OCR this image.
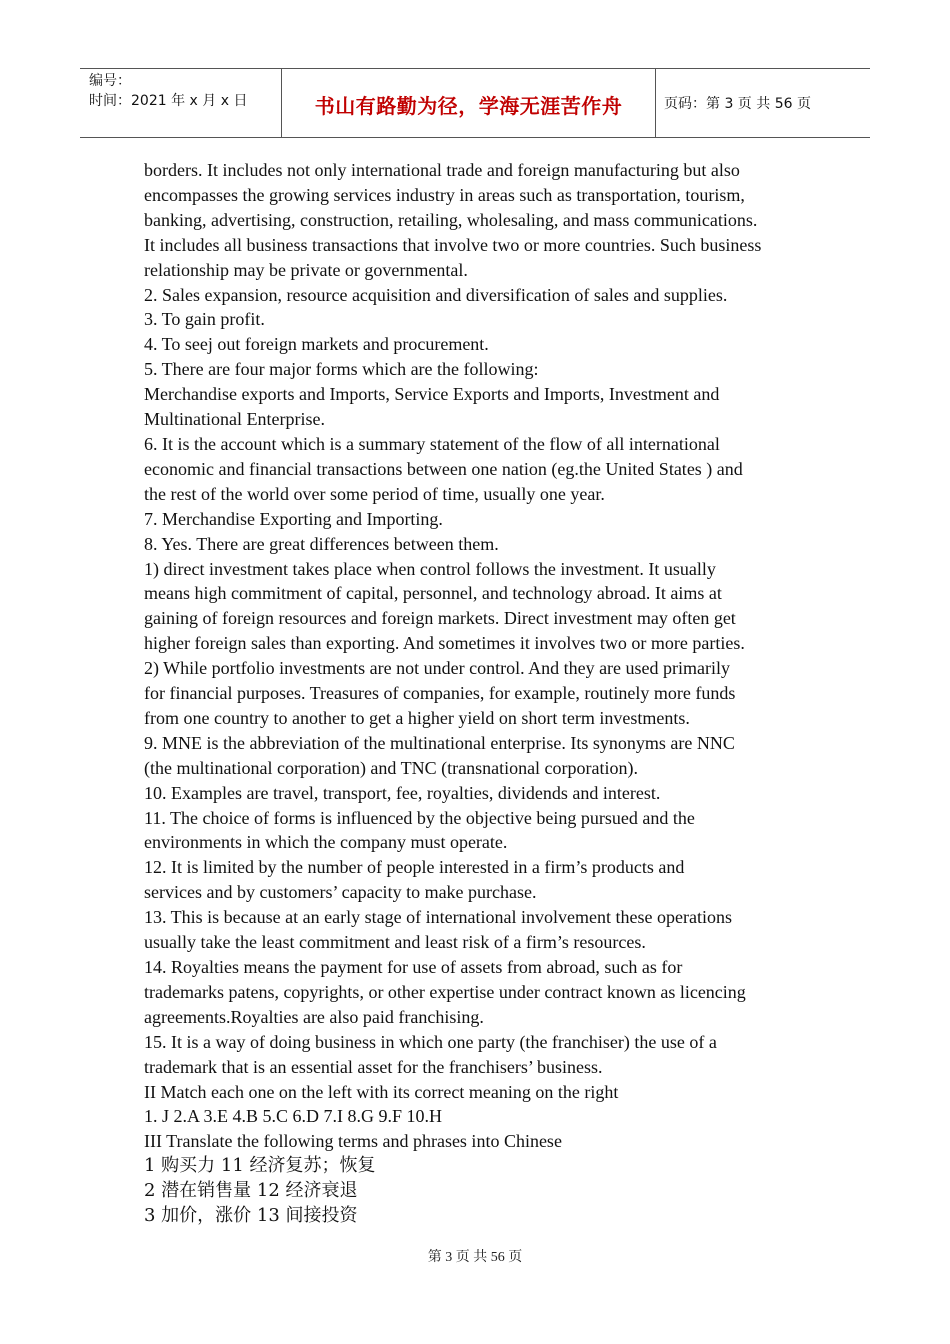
编号：
时间：2021 年 x 月 x 日	书山有路勤为径，学海无涯苦作舟	页码：第 3 页 共 56 页
borders. It includes not only international trade and foreign manufacturing but also
encompasses the growing services industry in areas such as transportation, tourism,
banking, advertising, construction, retailing, wholesaling, and mass communications.
It includes all business transactions that involve two or more countries. Such business
relationship may be private or governmental.
2. Sales expansion, resource acquisition and diversification of sales and supplies.
3. To gain profit.
4. To seej out foreign markets and procurement.
5. There are four major forms which are the following:
Merchandise exports and Imports, Service Exports and Imports, Investment and
Multinational Enterprise.
6. It is the account which is a summary statement of the flow of all international
economic and financial transactions between one nation (eg.the United States ) and
the rest of the world over some period of time, usually one year.
7. Merchandise Exporting and Importing.
8. Yes. There are great differences between them.
1) direct investment takes place when control follows the investment. It usually
means high commitment of capital, personnel, and technology abroad. It aims at
gaining of foreign resources and foreign markets. Direct investment may often get
higher foreign sales than exporting. And sometimes it involves two or more parties.
2) While portfolio investments are not under control. And they are used primarily
for financial purposes. Treasures of companies, for example, routinely more funds
from one country to another to get a higher yield on short term investments.
9. MNE is the abbreviation of the multinational enterprise. Its synonyms are NNC
(the multinational corporation) and TNC (transnational corporation).
10. Examples are travel, transport, fee, royalties, dividends and interest.
11. The choice of forms is influenced by the objective being pursued and the
environments in which the company must operate.
12. It is limited by the number of people interested in a firm’s products and
services and by customers’ capacity to make purchase.
13. This is because at an early stage of international involvement these operations
usually take the least commitment and least risk of a firm’s resources.
14. Royalties means the payment for use of assets from abroad, such as for
trademarks patens, copyrights, or other expertise under contract known as licencing
agreements.Royalties are also paid franchising.
15. It is a way of doing business in which one party (the franchiser) the use of a
trademark that is an essential asset for the franchisers’ business.
II Match each one on the left with its correct meaning on the right
1. J 2.A 3.E 4.B 5.C 6.D 7.I 8.G 9.F 10.H
III Translate the following terms and phrases into Chinese
1 购买力 11 经济复苏；恢复
2 潜在销售量 12 经济衰退
3 加价，涨价 13 间接投资
第 3 页 共 56 页
